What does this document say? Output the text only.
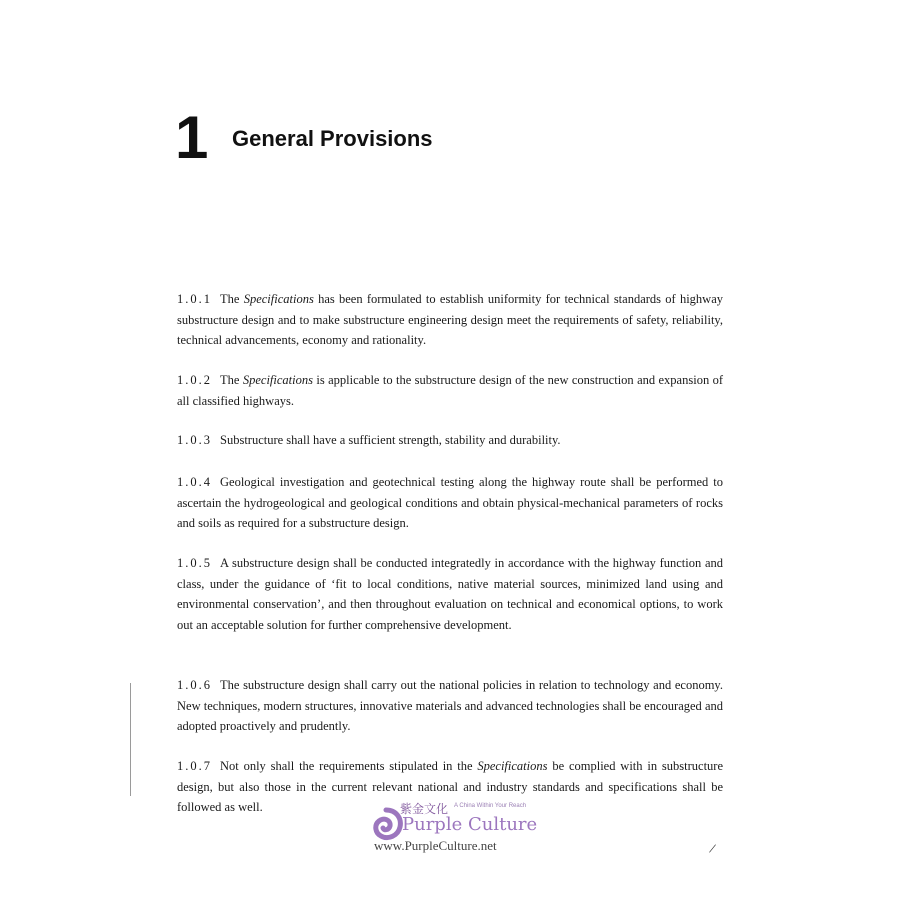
1 General Provisions

1.0.1 The Specifications has been formulated to establish uniformity for technical standards of highway substructure design and to make substructure engineering design meet the requirements of safety, reliability, technical advancements, economy and rationality.

1.0.2 The Specifications is applicable to the substructure design of the new construction and expansion of all classified highways.

1.0.3 Substructure shall have a sufficient strength, stability and durability.

1.0.4 Geological investigation and geotechnical testing along the highway route shall be performed to ascertain the hydrogeological and geological conditions and obtain physical-mechanical parameters of rocks and soils as required for a substructure design.

1.0.5 A substructure design shall be conducted integratedly in accordance with the highway function and class, under the guidance of ‘fit to local conditions, native material sources, minimized land using and environmental conservation’, and then throughout evaluation on technical and economical options, to work out an acceptable solution for further comprehensive development.

1.0.6 The substructure design shall carry out the national policies in relation to technology and economy. New techniques, modern structures, innovative materials and advanced technologies shall be encouraged and adopted proactively and prudently.

1.0.7 Not only shall the requirements stipulated in the Specifications be complied with in substructure design, but also those in the current relevant national and industry standards and specifications shall be followed as well.	紫金文化 A China Within Your Reach
Purple Culture
www.PurpleCulture.net	/
